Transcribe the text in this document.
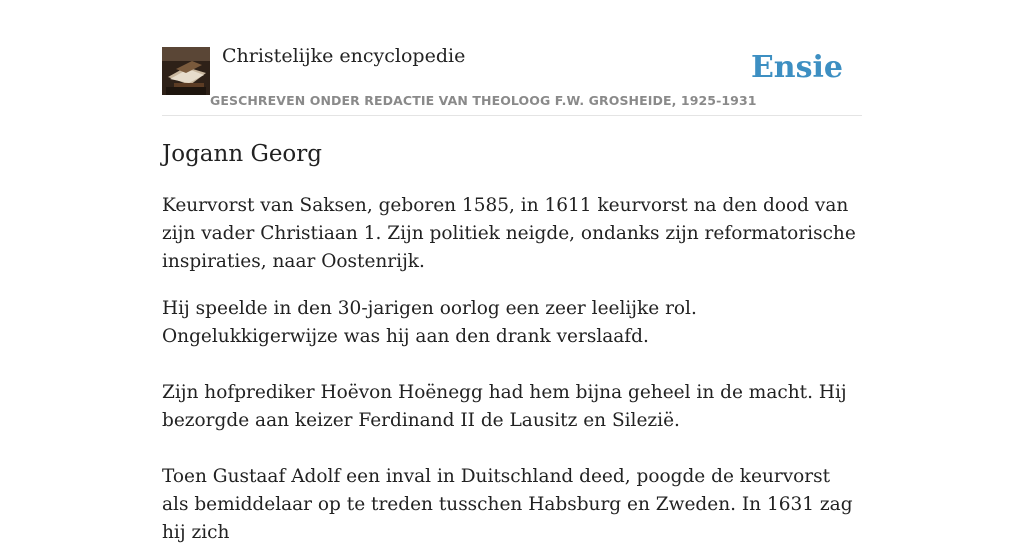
Christelijke encyclopedie
GESCHREVEN ONDER REDACTIE VAN THEOLOOG F.W. GROSHEIDE, 1925-1931
Ensie
Jogann Georg

Keurvorst van Saksen, geboren 1585, in 1611 keurvorst na den dood van zijn vader Christiaan 1. Zijn politiek neigde, ondanks zijn reformatorische inspiraties, naar Oostenrijk.

Hij speelde in den 30-jarigen oorlog een zeer leelijke rol. Ongelukkigerwijze was hij aan den drank verslaafd.

Zijn hofprediker Hoëvon Hoënegg had hem bijna geheel in de macht. Hij bezorgde aan keizer Ferdinand II de Lausitz en Silezië.

Toen Gustaaf Adolf een inval in Duitschland deed, poogde de keurvorst als bemiddelaar op te treden tusschen Habsburg en Zweden. In 1631 zag hij zich
